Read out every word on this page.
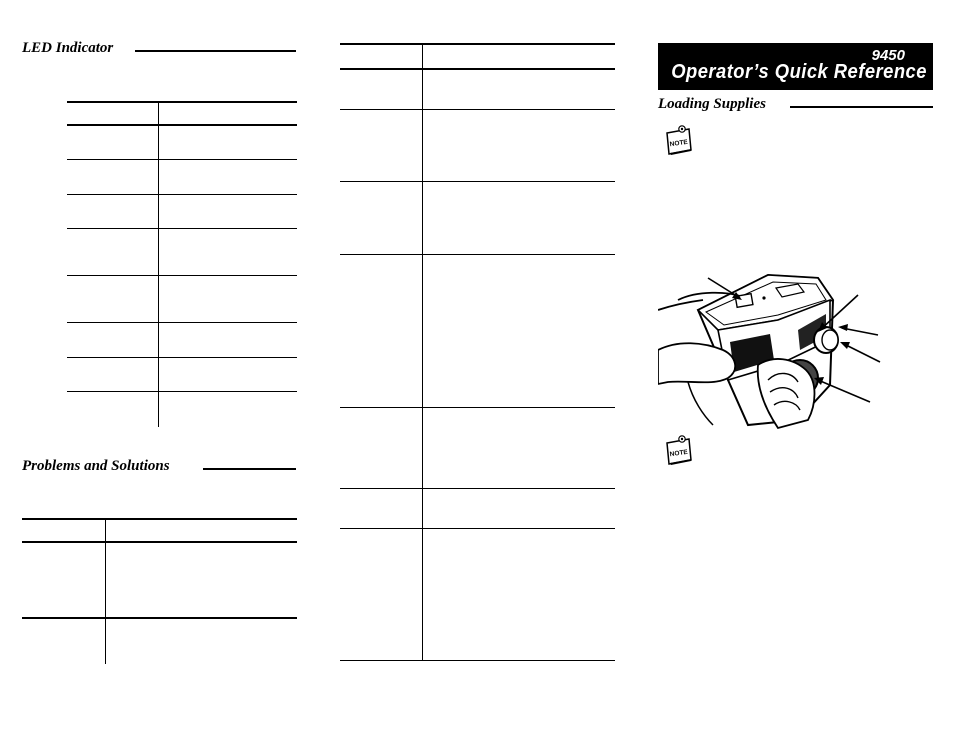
LED Indicator
Problems and Solutions
9450
Operator’s Quick Reference
Loading Supplies
NOTE
NOTE
